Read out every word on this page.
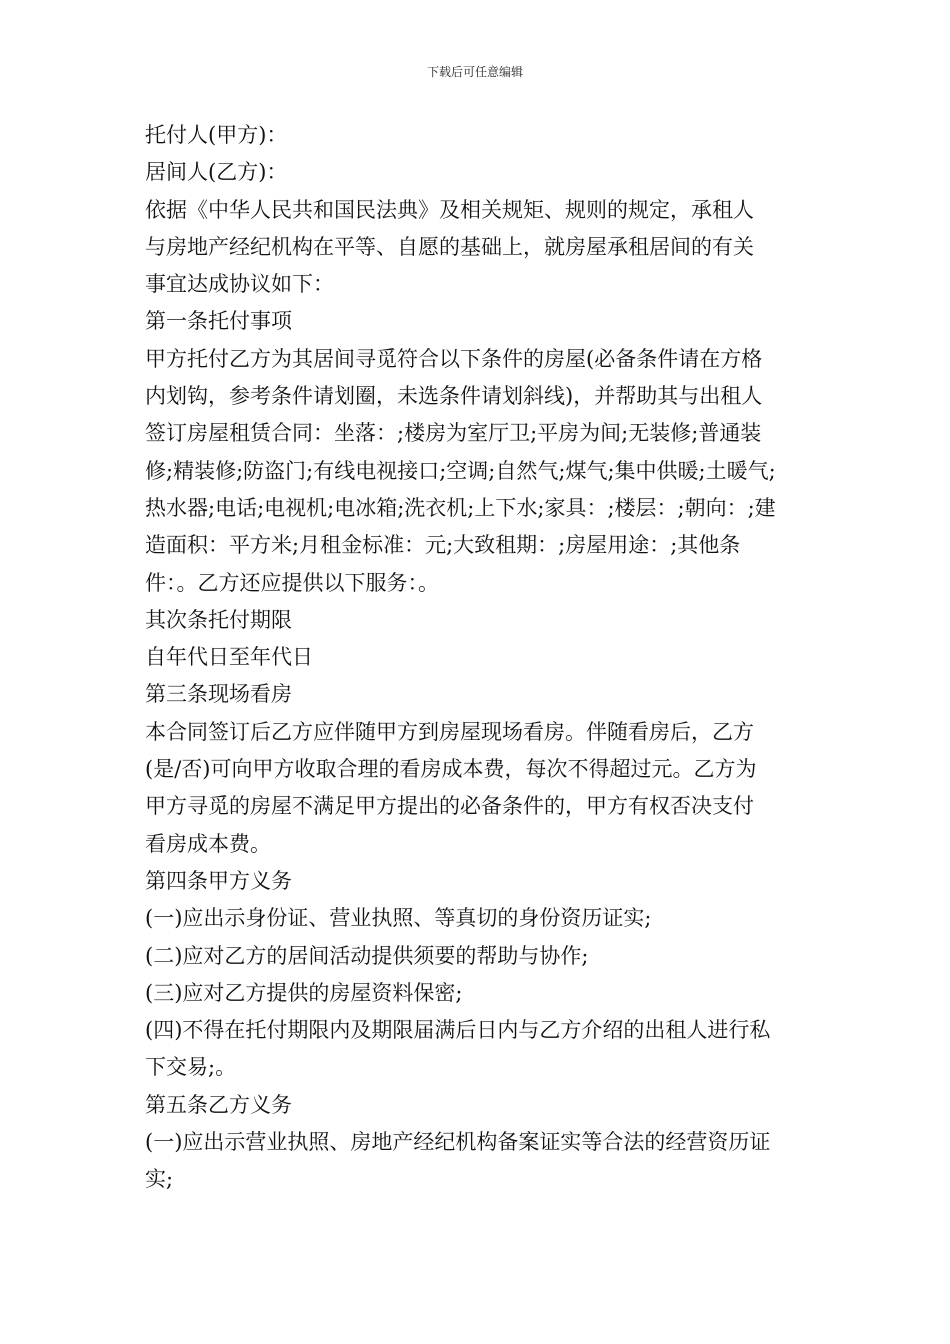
下载后可任意编辑
托付人(甲方)：
居间人(乙方)：
依据《中华人民共和国民法典》及相关规矩、规则的规定，承租人
与房地产经纪机构在平等、自愿的基础上，就房屋承租居间的有关
事宜达成协议如下：
第一条托付事项
甲方托付乙方为其居间寻觅符合以下条件的房屋(必备条件请在方格
内划钩，参考条件请划圈，未选条件请划斜线)，并帮助其与出租人
签订房屋租赁合同：坐落：;楼房为室厅卫;平房为间;无装修;普通装
修;精装修;防盗门;有线电视接口;空调;自然气;煤气;集中供暖;土暖气;
热水器;电话;电视机;电冰箱;洗衣机;上下水;家具：;楼层：;朝向：;建
造面积：平方米;月租金标准：元;大致租期：;房屋用途：;其他条
件：。乙方还应提供以下服务：。
其次条托付期限
自年代日至年代日
第三条现场看房
本合同签订后乙方应伴随甲方到房屋现场看房。伴随看房后，乙方
(是/否)可向甲方收取合理的看房成本费，每次不得超过元。乙方为
甲方寻觅的房屋不满足甲方提出的必备条件的，甲方有权否决支付
看房成本费。
第四条甲方义务
(一)应出示身份证、营业执照、等真切的身份资历证实;
(二)应对乙方的居间活动提供须要的帮助与协作;
(三)应对乙方提供的房屋资料保密;
(四)不得在托付期限内及期限届满后日内与乙方介绍的出租人进行私
下交易;。
第五条乙方义务
(一)应出示营业执照、房地产经纪机构备案证实等合法的经营资历证
实;
